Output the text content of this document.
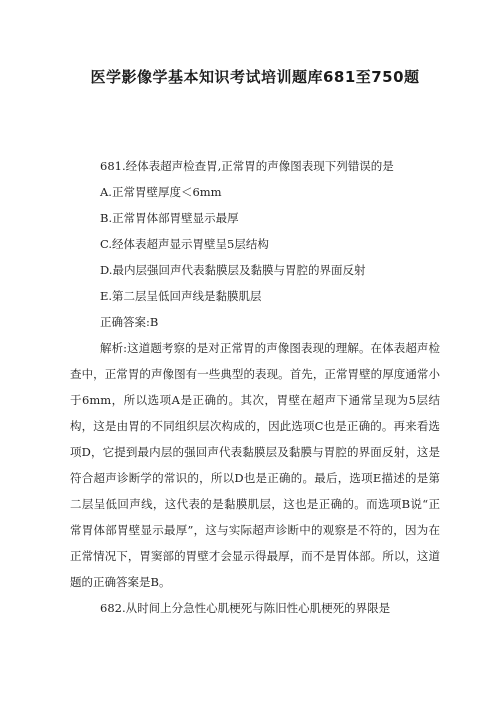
医学影像学基本知识考试培训题库681至750题

681.经体表超声检查胃,正常胃的声像图表现下列错误的是

A.正常胃壁厚度＜6mm

B.正常胃体部胃壁显示最厚

C.经体表超声显示胃壁呈5层结构

D.最内层强回声代表黏膜层及黏膜与胃腔的界面反射

E.第二层呈低回声线是黏膜肌层

正确答案:B

解析:这道题考察的是对正常胃的声像图表现的理解。在体表超声检查中，正常胃的声像图有一些典型的表现。首先，正常胃壁的厚度通常小于6mm，所以选项A是正确的。其次，胃壁在超声下通常呈现为5层结构，这是由胃的不同组织层次构成的，因此选项C也是正确的。再来看选项D，它提到最内层的强回声代表黏膜层及黏膜与胃腔的界面反射，这是符合超声诊断学的常识的，所以D也是正确的。最后，选项E描述的是第二层呈低回声线，这代表的是黏膜肌层，这也是正确的。而选项B说“正常胃体部胃壁显示最厚”，这与实际超声诊断中的观察是不符的，因为在正常情况下，胃窦部的胃壁才会显示得最厚，而不是胃体部。所以，这道题的正确答案是B。

682.从时间上分急性心肌梗死与陈旧性心肌梗死的界限是
